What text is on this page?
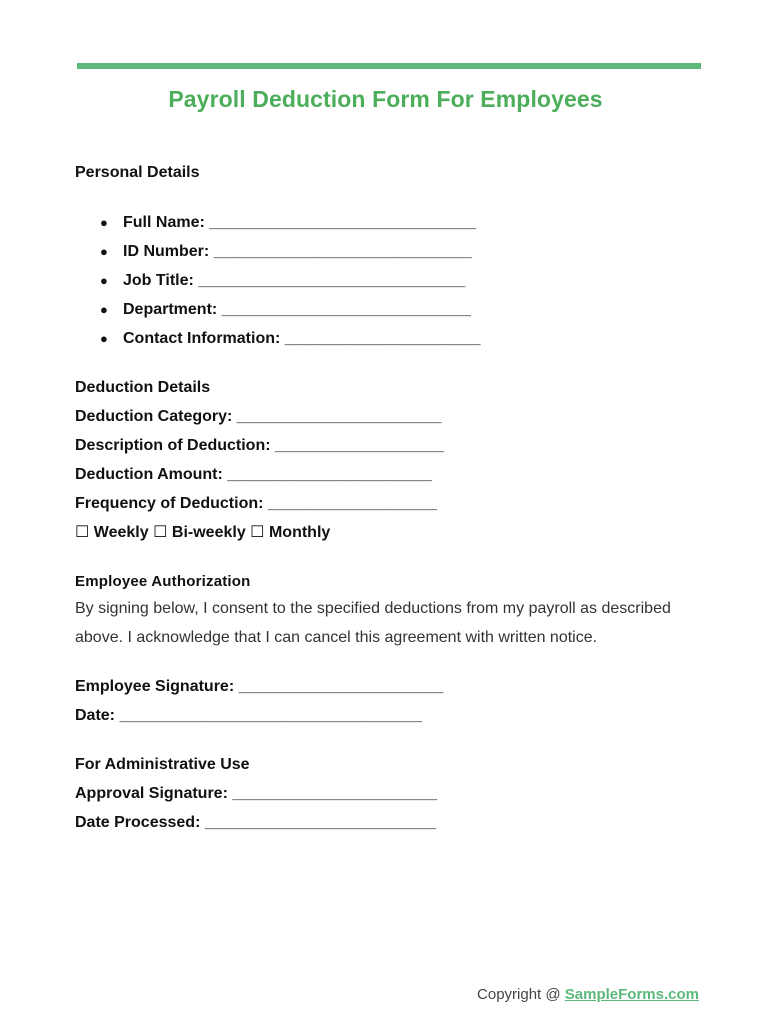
Payroll Deduction Form For Employees
Personal Details
● Full Name: ______________________________
● ID Number: _____________________________
● Job Title: ______________________________
● Department: ____________________________
● Contact Information: ______________________
Deduction Details
Deduction Category: _______________________
Description of Deduction: ___________________
Deduction Amount: _______________________
Frequency of Deduction: ___________________
☐ Weekly ☐ Bi-weekly ☐ Monthly
Employee Authorization
By signing below, I consent to the specified deductions from my payroll as described above. I acknowledge that I can cancel this agreement with written notice.
Employee Signature: _______________________
Date: __________________________________
For Administrative Use
Approval Signature: _______________________
Date Processed: __________________________
Copyright @ SampleForms.com
